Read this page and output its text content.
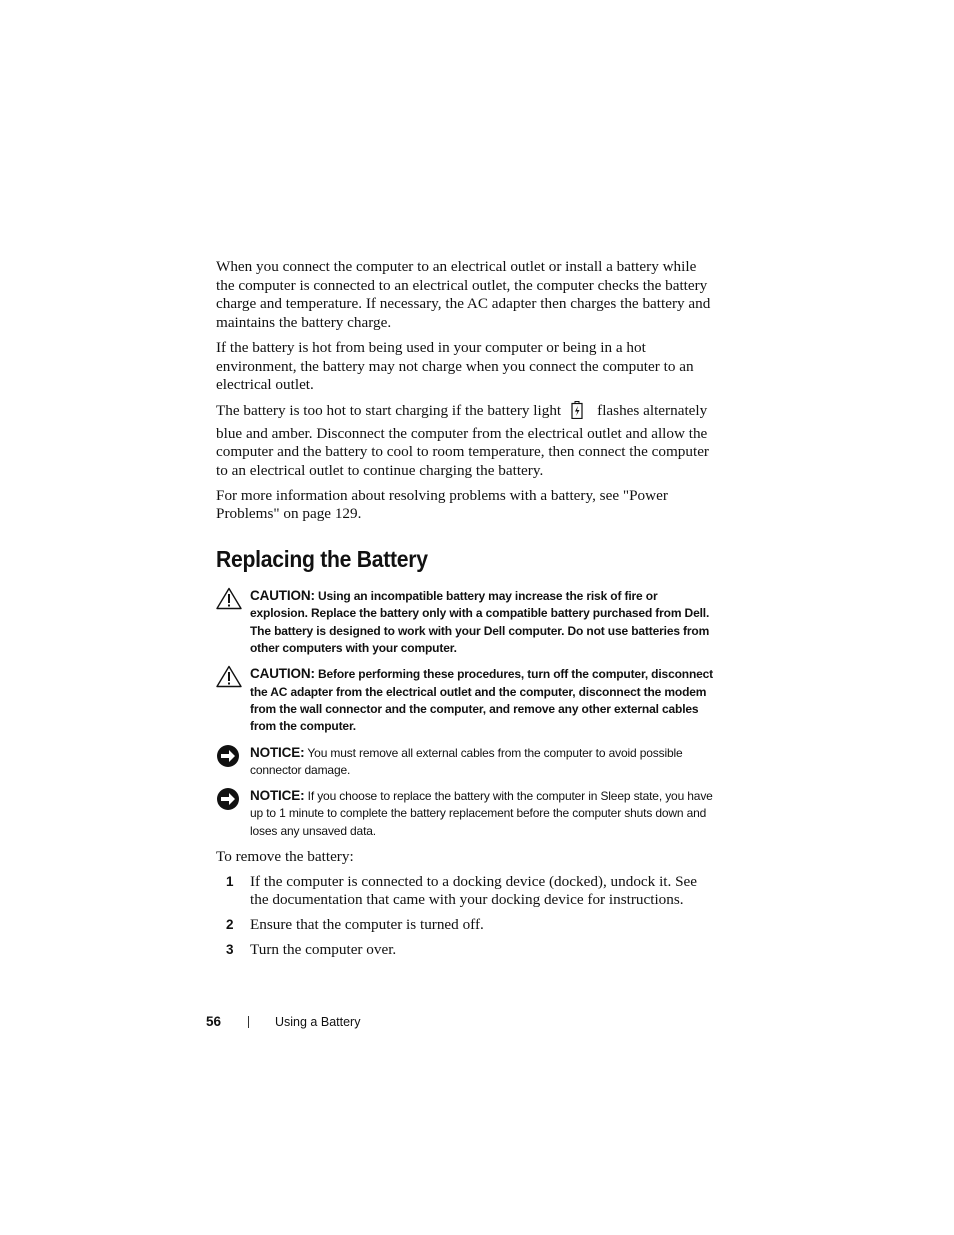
When you connect the computer to an electrical outlet or install a battery while the computer is connected to an electrical outlet, the computer checks the battery charge and temperature. If necessary, the AC adapter then charges the battery and maintains the battery charge.

If the battery is hot from being used in your computer or being in a hot environment, the battery may not charge when you connect the computer to an electrical outlet.

The battery is too hot to start charging if the battery light flashes alternately blue and amber. Disconnect the computer from the electrical outlet and allow the computer and the battery to cool to room temperature, then connect the computer to an electrical outlet to continue charging the battery.

For more information about resolving problems with a battery, see "Power Problems" on page 129.

Replacing the Battery
CAUTION: Using an incompatible battery may increase the risk of fire or explosion. Replace the battery only with a compatible battery purchased from Dell. The battery is designed to work with your Dell computer. Do not use batteries from other computers with your computer.
CAUTION: Before performing these procedures, turn off the computer, disconnect the AC adapter from the electrical outlet and the computer, disconnect the modem from the wall connector and the computer, and remove any other external cables from the computer.
NOTICE: You must remove all external cables from the computer to avoid possible connector damage.
NOTICE: If you choose to replace the battery with the computer in Sleep state, you have up to 1 minute to complete the battery replacement before the computer shuts down and loses any unsaved data.

To remove the battery:

1	If the computer is connected to a docking device (docked), undock it. See the documentation that came with your docking device for instructions.
2	Ensure that the computer is turned off.
3	Turn the computer over.
56	Using a Battery
